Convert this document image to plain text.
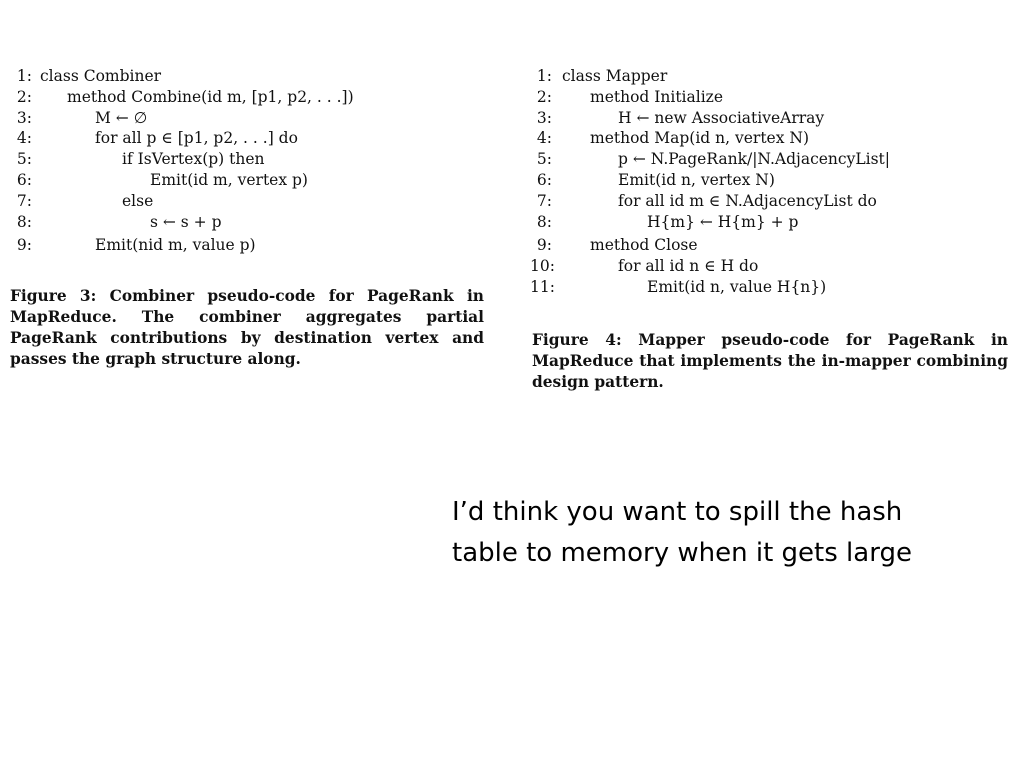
1: class Combiner
2: method Combine(id m, [p1, p2, . . .])
3:	M ← ∅
4:	for all p ∈ [p1, p2, . . .] do
5:	if IsVertex(p) then
6:	Emit(id m, vertex p)
7:	else
8:	s ← s + p
9:	Emit(nid m, value p)
Figure 3: Combiner pseudo-code for PageRank in MapReduce. The combiner aggregates partial PageRank contributions by destination vertex and passes the graph structure along.
1: class Mapper
2: method Initialize
3:	H ← new AssociativeArray
4: method Map(id n, vertex N)
5:	p ← N.PageRank/|N.AdjacencyList|
6:	Emit(id n, vertex N)
7:	for all id m ∈ N.AdjacencyList do
8:	H{m} ← H{m} + p
9: method Close
10:	for all id n ∈ H do
11:	Emit(id n, value H{n})
Figure 4: Mapper pseudo-code for PageRank in MapReduce that implements the in-mapper combining design pattern.
I’d think you want to spill the hash
table to memory when it gets large
